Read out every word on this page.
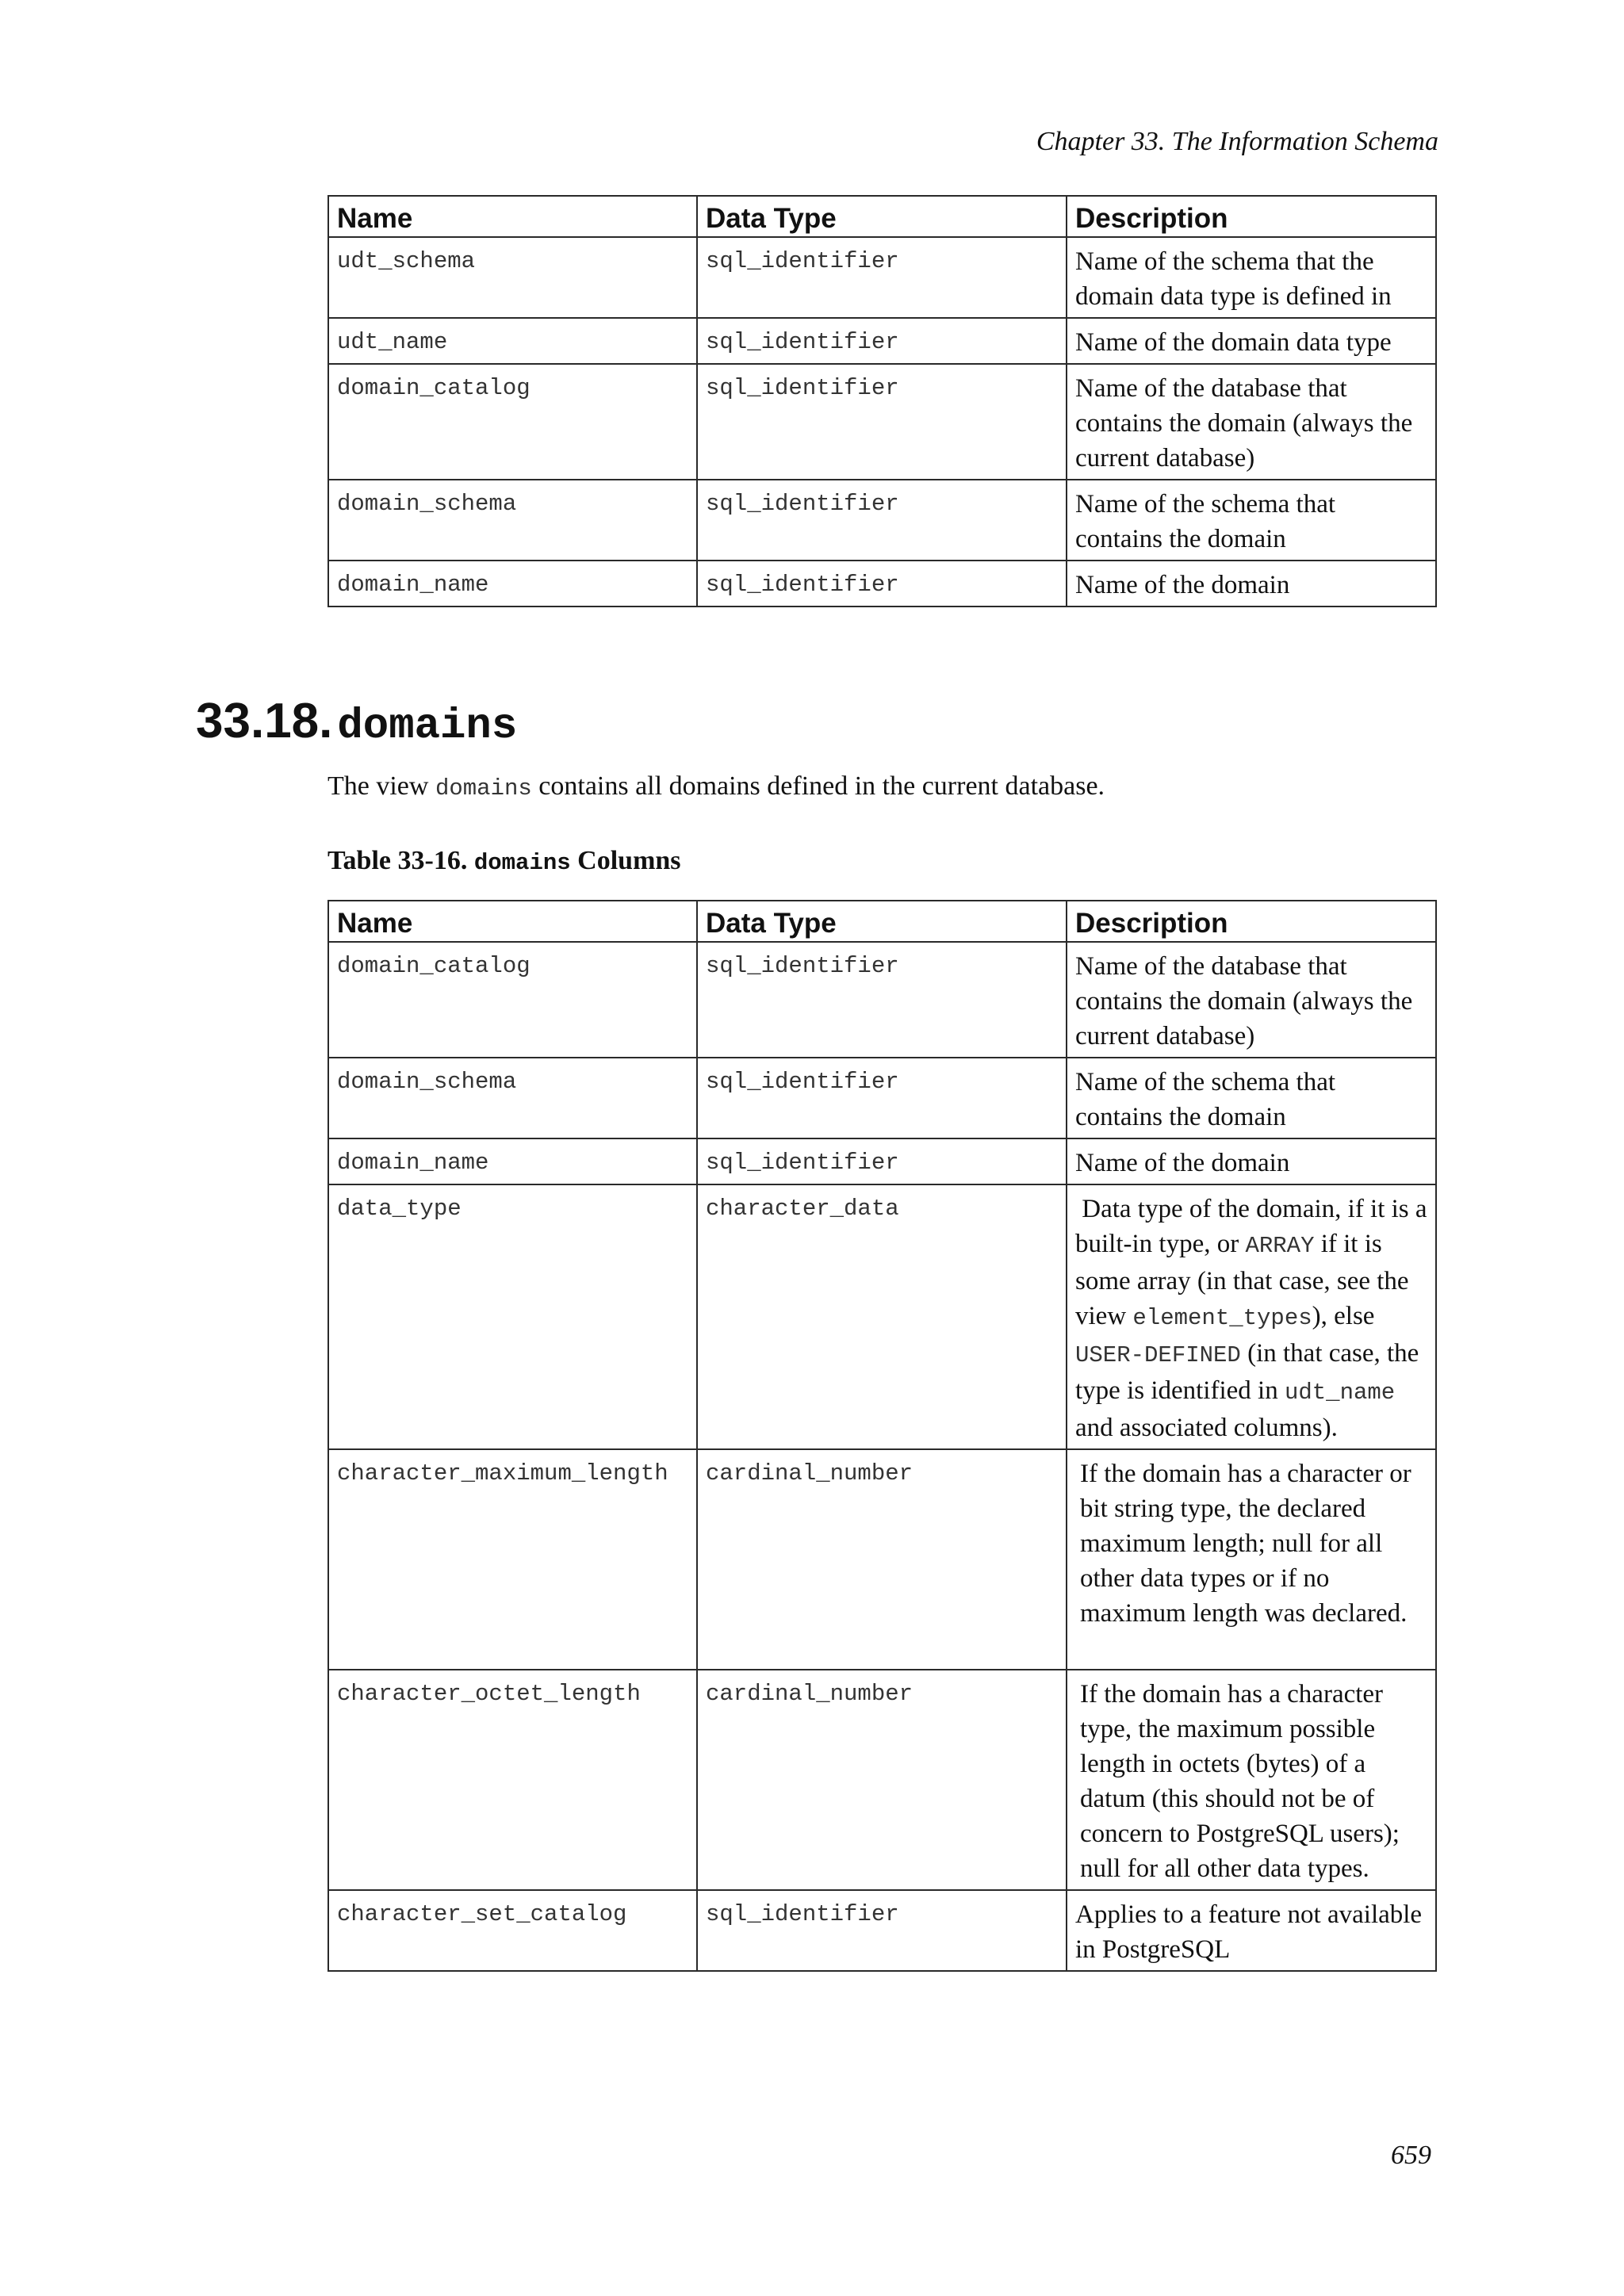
Chapter 33. The Information Schema
Name	Data Type	Description
udt_schema	sql_identifier	Name of the schema that the domain data type is defined in
udt_name	sql_identifier	Name of the domain data type
domain_catalog	sql_identifier	Name of the database that contains the domain (always the current database)
domain_schema	sql_identifier	Name of the schema that contains the domain
domain_name	sql_identifier	Name of the domain
33.18. domains
The view domains contains all domains defined in the current database.
Table 33-16. domains Columns
Name	Data Type	Description
domain_catalog	sql_identifier	Name of the database that contains the domain (always the current database)
domain_schema	sql_identifier	Name of the schema that contains the domain
domain_name	sql_identifier	Name of the domain
data_type	character_data	Data type of the domain, if it is a built-in type, or ARRAY if it is some array (in that case, see the view element_types), else USER-DEFINED (in that case, the type is identified in udt_name and associated columns).
character_maximum_length	cardinal_number	If the domain has a character or bit string type, the declared maximum length; null for all other data types or if no maximum length was declared.
character_octet_length	cardinal_number	If the domain has a character type, the maximum possible length in octets (bytes) of a datum (this should not be of concern to PostgreSQL users); null for all other data types.
character_set_catalog	sql_identifier	Applies to a feature not available in PostgreSQL
659
